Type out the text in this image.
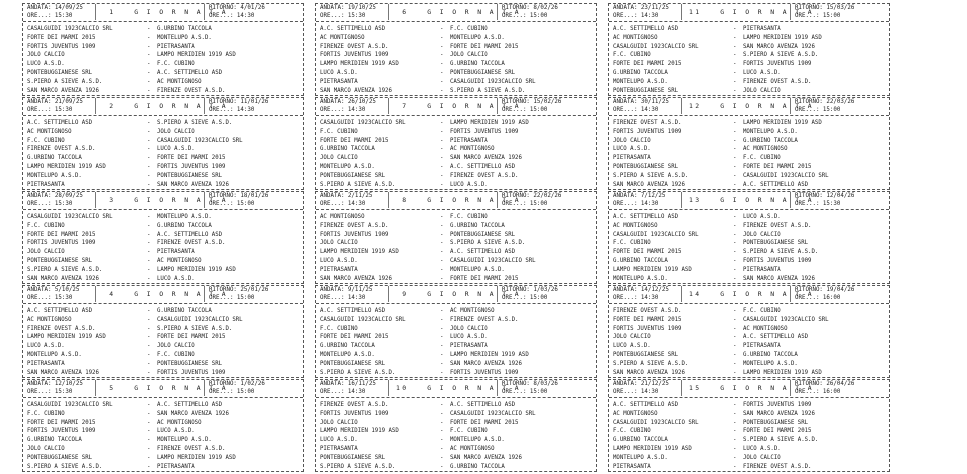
ANDATA: 14/09/25
ORE...: 15:30	1   G I O R N A T A
RITORNO: 4/01/26
ORE...: 14:30
CASALGUIDI 1923CALCIO SRL	- G.URBINO TACCOLA
FORTE DEI MARMI 2015	- MONTELUPO A.S.D.
FORTIS JUVENTUS 1909	- PIETRASANTA
JOLO CALCIO	- LAMPO MERIDIEN 1919 ASD
LUCO A.S.D.	- F.C. CUBINO
PONTEBUGGIANESE SRL	- A.C. SETTIMELLO ASD
S.PIERO A SIEVE A.S.D.	- AC MONTIGNOSO
SAN MARCO AVENZA 1926	- FIRENZE OVEST A.S.D.
ANDATA: 21/09/25
ORE...: 15:30	2   G I O R N A T A
RITORNO: 11/01/26
ORE...: 14:30
A.C. SETTIMELLO ASD	- S.PIERO A SIEVE A.S.D.
AC MONTIGNOSO	- JOLO CALCIO
F.C. CUBINO	- CASALGUIDI 1923CALCIO SRL
FIRENZE OVEST A.S.D.	- LUCO A.S.D.
G.URBINO TACCOLA	- FORTE DEI MARMI 2015
LAMPO MERIDIEN 1919 ASD	- FORTIS JUVENTUS 1909
MONTELUPO A.S.D.	- PONTEBUGGIANESE SRL
PIETRASANTA	- SAN MARCO AVENZA 1926
ANDATA: 28/09/25
ORE...: 15:30	3   G I O R N A T A
RITORNO: 18/01/26
ORE...: 15:00
CASALGUIDI 1923CALCIO SRL	- MONTELUPO A.S.D.
F.C. CUBINO	- G.URBINO TACCOLA
FORTE DEI MARMI 2015	- A.C. SETTIMELLO ASD
FORTIS JUVENTUS 1909	- FIRENZE OVEST A.S.D.
JOLO CALCIO	- PIETRASANTA
PONTEBUGGIANESE SRL	- AC MONTIGNOSO
S.PIERO A SIEVE A.S.D.	- LAMPO MERIDIEN 1919 ASD
SAN MARCO AVENZA 1926	- LUCO A.S.D.
ANDATA: 5/10/25
ORE...: 15:30	4   G I O R N A T A
RITORNO: 25/01/26
ORE...: 15:00
A.C. SETTIMELLO ASD	- G.URBINO TACCOLA
AC MONTIGNOSO	- CASALGUIDI 1923CALCIO SRL
FIRENZE OVEST A.S.D.	- S.PIERO A SIEVE A.S.D.
LAMPO MERIDIEN 1919 ASD	- FORTE DEI MARMI 2015
LUCO A.S.D.	- JOLO CALCIO
MONTELUPO A.S.D.	- F.C. CUBINO
PIETRASANTA	- PONTEBUGGIANESE SRL
SAN MARCO AVENZA 1926	- FORTIS JUVENTUS 1909
ANDATA: 12/10/25
ORE...: 15:30	5   G I O R N A T A
RITORNO: 1/02/26
ORE...: 15:00
CASALGUIDI 1923CALCIO SRL	- A.C. SETTIMELLO ASD
F.C. CUBINO	- SAN MARCO AVENZA 1926
FORTE DEI MARMI 2015	- AC MONTIGNOSO
FORTIS JUVENTUS 1909	- LUCO A.S.D.
G.URBINO TACCOLA	- MONTELUPO A.S.D.
JOLO CALCIO	- FIRENZE OVEST A.S.D.
PONTEBUGGIANESE SRL	- LAMPO MERIDIEN 1919 ASD
S.PIERO A SIEVE A.S.D.	- PIETRASANTA
ANDATA: 19/10/25
ORE...: 15:30	6   G I O R N A T A
RITORNO: 8/02/26
ORE...: 15:00
A.C. SETTIMELLO ASD	- F.C. CUBINO
AC MONTIGNOSO	- MONTELUPO A.S.D.
FIRENZE OVEST A.S.D.	- FORTE DEI MARMI 2015
FORTIS JUVENTUS 1909	- JOLO CALCIO
LAMPO MERIDIEN 1919 ASD	- G.URBINO TACCOLA
LUCO A.S.D.	- PONTEBUGGIANESE SRL
PIETRASANTA	- CASALGUIDI 1923CALCIO SRL
SAN MARCO AVENZA 1926	- S.PIERO A SIEVE A.S.D.
ANDATA: 26/10/25
ORE...: 14:30	7   G I O R N A T A
RITORNO: 15/02/26
ORE...: 15:00
CASALGUIDI 1923CALCIO SRL	- LAMPO MERIDIEN 1919 ASD
F.C. CUBINO	- FORTIS JUVENTUS 1909
FORTE DEI MARMI 2015	- PIETRASANTA
G.URBINO TACCOLA	- AC MONTIGNOSO
JOLO CALCIO	- SAN MARCO AVENZA 1926
MONTELUPO A.S.D.	- A.C. SETTIMELLO ASD
PONTEBUGGIANESE SRL	- FIRENZE OVEST A.S.D.
S.PIERO A SIEVE A.S.D.	- LUCO A.S.D.
ANDATA: 2/11/25
ORE...: 14:30	8   G I O R N A T A
RITORNO: 22/02/26
ORE...: 15:00
AC MONTIGNOSO	- F.C. CUBINO
FIRENZE OVEST A.S.D.	- G.URBINO TACCOLA
FORTIS JUVENTUS 1909	- PONTEBUGGIANESE SRL
JOLO CALCIO	- S.PIERO A SIEVE A.S.D.
LAMPO MERIDIEN 1919 ASD	- A.C. SETTIMELLO ASD
LUCO A.S.D.	- CASALGUIDI 1923CALCIO SRL
PIETRASANTA	- MONTELUPO A.S.D.
SAN MARCO AVENZA 1926	- FORTE DEI MARMI 2015
ANDATA: 9/11/25
ORE...: 14:30	9   G I O R N A T A
RITORNO: 1/03/26
ORE...: 15:00
A.C. SETTIMELLO ASD	- AC MONTIGNOSO
CASALGUIDI 1923CALCIO SRL	- FIRENZE OVEST A.S.D.
F.C. CUBINO	- JOLO CALCIO
FORTE DEI MARMI 2015	- LUCO A.S.D.
G.URBINO TACCOLA	- PIETRASANTA
MONTELUPO A.S.D.	- LAMPO MERIDIEN 1919 ASD
PONTEBUGGIANESE SRL	- SAN MARCO AVENZA 1926
S.PIERO A SIEVE A.S.D.	- FORTIS JUVENTUS 1909
ANDATA: 16/11/25
ORE...: 14:30	10   G I O R N A T A
RITORNO: 8/03/26
ORE...: 15:00
FIRENZE OVEST A.S.D.	- A.C. SETTIMELLO ASD
FORTIS JUVENTUS 1909	- CASALGUIDI 1923CALCIO SRL
JOLO CALCIO	- FORTE DEI MARMI 2015
LAMPO MERIDIEN 1919 ASD	- F.C. CUBINO
LUCO A.S.D.	- MONTELUPO A.S.D.
PIETRASANTA	- AC MONTIGNOSO
PONTEBUGGIANESE SRL	- SAN MARCO AVENZA 1926
S.PIERO A SIEVE A.S.D.	- G.URBINO TACCOLA
ANDATA: 23/11/25
ORE...: 14:30	11   G I O R N A T A
RITORNO: 15/03/26
ORE...: 15:00
A.C. SETTIMELLO ASD	- PIETRASANTA
AC MONTIGNOSO	- LAMPO MERIDIEN 1919 ASD
CASALGUIDI 1923CALCIO SRL	- SAN MARCO AVENZA 1926
F.C. CUBINO	- S.PIERO A SIEVE A.S.D.
FORTE DEI MARMI 2015	- FORTIS JUVENTUS 1909
G.URBINO TACCOLA	- LUCO A.S.D.
MONTELUPO A.S.D.	- FIRENZE OVEST A.S.D.
PONTEBUGGIANESE SRL	- JOLO CALCIO
ANDATA: 30/11/25
ORE...: 14:30	12   G I O R N A T A
RITORNO: 22/03/26
ORE...: 15:00
FIRENZE OVEST A.S.D.	- LAMPO MERIDIEN 1919 ASD
FORTIS JUVENTUS 1909	- MONTELUPO A.S.D.
JOLO CALCIO	- G.URBINO TACCOLA
LUCO A.S.D.	- AC MONTIGNOSO
PIETRASANTA	- F.C. CUBINO
PONTEBUGGIANESE SRL	- FORTE DEI MARMI 2015
S.PIERO A SIEVE A.S.D.	- CASALGUIDI 1923CALCIO SRL
SAN MARCO AVENZA 1926	- A.C. SETTIMELLO ASD
ANDATA: 7/12/25
ORE...: 14:30	13   G I O R N A T A
RITORNO: 12/04/26
ORE...: 15:30
A.C. SETTIMELLO ASD	- LUCO A.S.D.
AC MONTIGNOSO	- FIRENZE OVEST A.S.D.
CASALGUIDI 1923CALCIO SRL	- JOLO CALCIO
F.C. CUBINO	- PONTEBUGGIANESE SRL
FORTE DEI MARMI 2015	- S.PIERO A SIEVE A.S.D.
G.URBINO TACCOLA	- FORTIS JUVENTUS 1909
LAMPO MERIDIEN 1919 ASD	- PIETRASANTA
MONTELUPO A.S.D.	- SAN MARCO AVENZA 1926
ANDATA: 14/12/25
ORE...: 14:30	14   G I O R N A T A
RITORNO: 19/04/26
ORE...: 16:00
FIRENZE OVEST A.S.D.	- F.C. CUBINO
FORTE DEI MARMI 2015	- CASALGUIDI 1923CALCIO SRL
FORTIS JUVENTUS 1909	- AC MONTIGNOSO
JOLO CALCIO	- A.C. SETTIMELLO ASD
LUCO A.S.D.	- PIETRASANTA
PONTEBUGGIANESE SRL	- G.URBINO TACCOLA
S.PIERO A SIEVE A.S.D.	- MONTELUPO A.S.D.
SAN MARCO AVENZA 1926	- LAMPO MERIDIEN 1919 ASD
ANDATA: 21/12/25
ORE...: 14:30	15   G I O R N A T A
RITORNO: 26/04/26
ORE...: 16:00
A.C. SETTIMELLO ASD	- FORTIS JUVENTUS 1909
AC MONTIGNOSO	- SAN MARCO AVENZA 1926
CASALGUIDI 1923CALCIO SRL	- PONTEBUGGIANESE SRL
F.C. CUBINO	- FORTE DEI MARMI 2015
G.URBINO TACCOLA	- S.PIERO A SIEVE A.S.D.
LAMPO MERIDIEN 1919 ASD	- LUCO A.S.D.
MONTELUPO A.S.D.	- JOLO CALCIO
PIETRASANTA	- FIRENZE OVEST A.S.D.
